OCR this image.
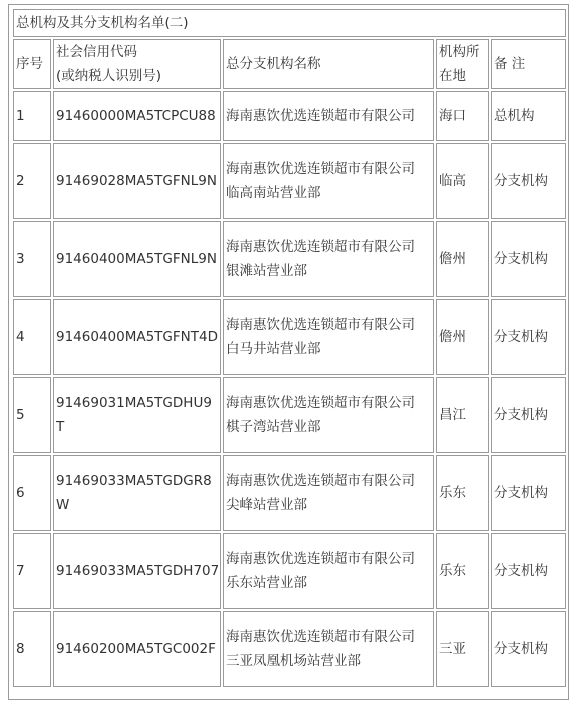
总机构及其分支机构名单(二)				
序号	社会信用代码
(或纳税人识别号)	总分支机构名称	机构所在地	备 注
1	91460000MA5TCPCU88	海南惠饮优选连锁超市有限公司	海口	总机构
2	91469028MA5TGFNL9N	海南惠饮优选连锁超市有限公司
临高南站营业部	临高	分支机构
3	91460400MA5TGFNL9N	海南惠饮优选连锁超市有限公司
银滩站营业部	儋州	分支机构
4	91460400MA5TGFNT4D	海南惠饮优选连锁超市有限公司
白马井站营业部	儋州	分支机构
5	91469031MA5TGDHU9T	海南惠饮优选连锁超市有限公司
棋子湾站营业部	昌江	分支机构
6	91469033MA5TGDGR8W	海南惠饮优选连锁超市有限公司
尖峰站营业部	乐东	分支机构
7	91469033MA5TGDH707	海南惠饮优选连锁超市有限公司
乐东站营业部	乐东	分支机构
8	91460200MA5TGC002F	海南惠饮优选连锁超市有限公司
三亚凤凰机场站营业部	三亚	分支机构
